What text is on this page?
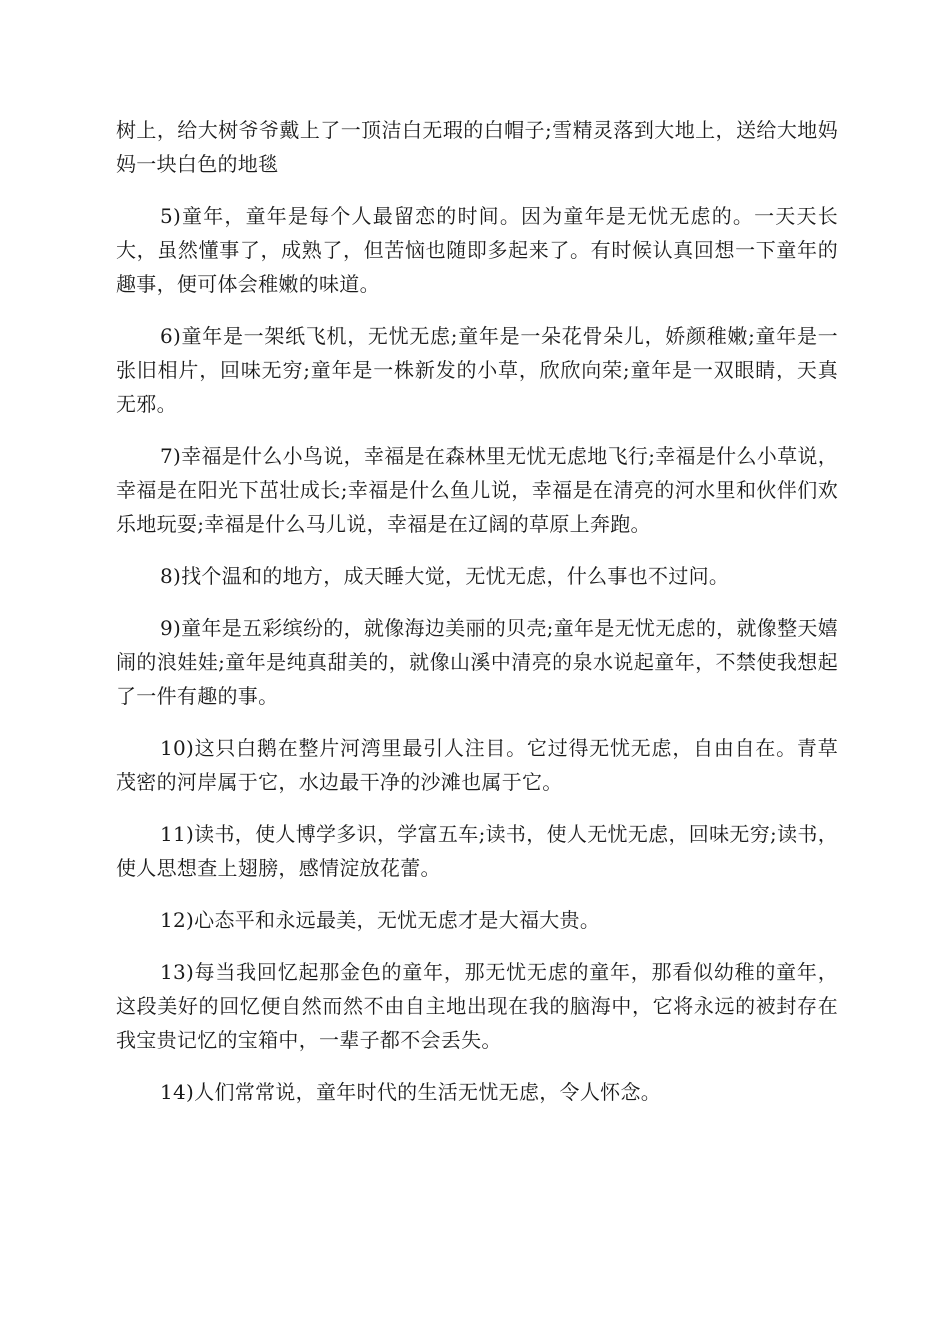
树上，给大树爷爷戴上了一顶洁白无瑕的白帽子;雪精灵落到大地上，送给大地妈妈一块白色的地毯

5)童年，童年是每个人最留恋的时间。因为童年是无忧无虑的。一天天长大，虽然懂事了，成熟了，但苦恼也随即多起来了。有时候认真回想一下童年的趣事，便可体会稚嫩的味道。

6)童年是一架纸飞机，无忧无虑;童年是一朵花骨朵儿，娇颜稚嫩;童年是一张旧相片，回味无穷;童年是一株新发的小草，欣欣向荣;童年是一双眼睛，天真无邪。

7)幸福是什么小鸟说，幸福是在森林里无忧无虑地飞行;幸福是什么小草说，幸福是在阳光下茁壮成长;幸福是什么鱼儿说，幸福是在清亮的河水里和伙伴们欢乐地玩耍;幸福是什么马儿说，幸福是在辽阔的草原上奔跑。

8)找个温和的地方，成天睡大觉，无忧无虑，什么事也不过问。

9)童年是五彩缤纷的，就像海边美丽的贝壳;童年是无忧无虑的，就像整天嬉闹的浪娃娃;童年是纯真甜美的，就像山溪中清亮的泉水说起童年，不禁使我想起了一件有趣的事。

10)这只白鹅在整片河湾里最引人注目。它过得无忧无虑，自由自在。青草茂密的河岸属于它，水边最干净的沙滩也属于它。

11)读书，使人博学多识，学富五车;读书，使人无忧无虑，回味无穷;读书，使人思想查上翅膀，感情淀放花蕾。

12)心态平和永远最美，无忧无虑才是大福大贵。

13)每当我回忆起那金色的童年，那无忧无虑的童年，那看似幼稚的童年，这段美好的回忆便自然而然不由自主地出现在我的脑海中，它将永远的被封存在我宝贵记忆的宝箱中，一辈子都不会丢失。

14)人们常常说，童年时代的生活无忧无虑，令人怀念。
